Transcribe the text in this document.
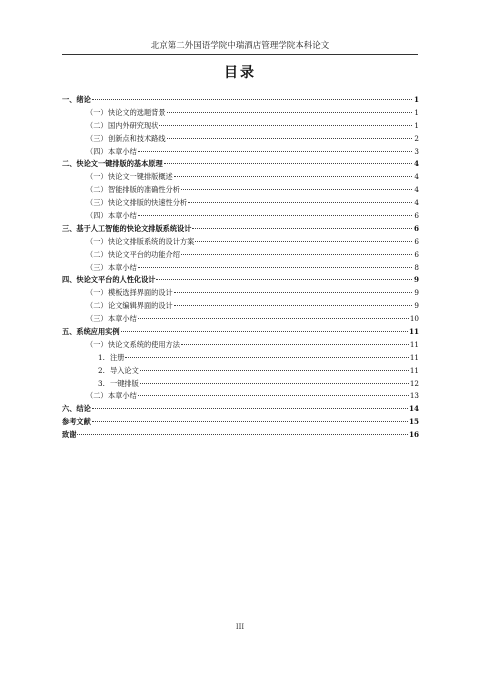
北京第二外国语学院中瑞酒店管理学院本科论文
目录
一、 绪论	1
（一） 快论文的选题背景	1
（二） 国内外研究现状	1
（三） 创新点和技术路线	2
（四） 本章小结	3
二、 快论文一键排版的基本原理	4
（一） 快论文一键排版概述	4
（二） 智能排版的准确性分析	4
（三） 快论文排版的快速性分析	4
（四） 本章小结	6
三、 基于人工智能的快论文排版系统设计	6
（一） 快论文排版系统的设计方案	6
（二） 快论文平台的功能介绍	6
（三） 本章小结	8
四、 快论文平台的人性化设计	9
（一） 模板选择界面的设计	9
（二） 论文编辑界面的设计	9
（三） 本章小结	10
五、 系统应用实例	11
（一） 快论文系统的使用方法	11
1. 注册	11
2. 导入论文	11
3. 一键排版	12
（二） 本章小结	13
六、 结论	14
参考文献	15
致谢	16
III
